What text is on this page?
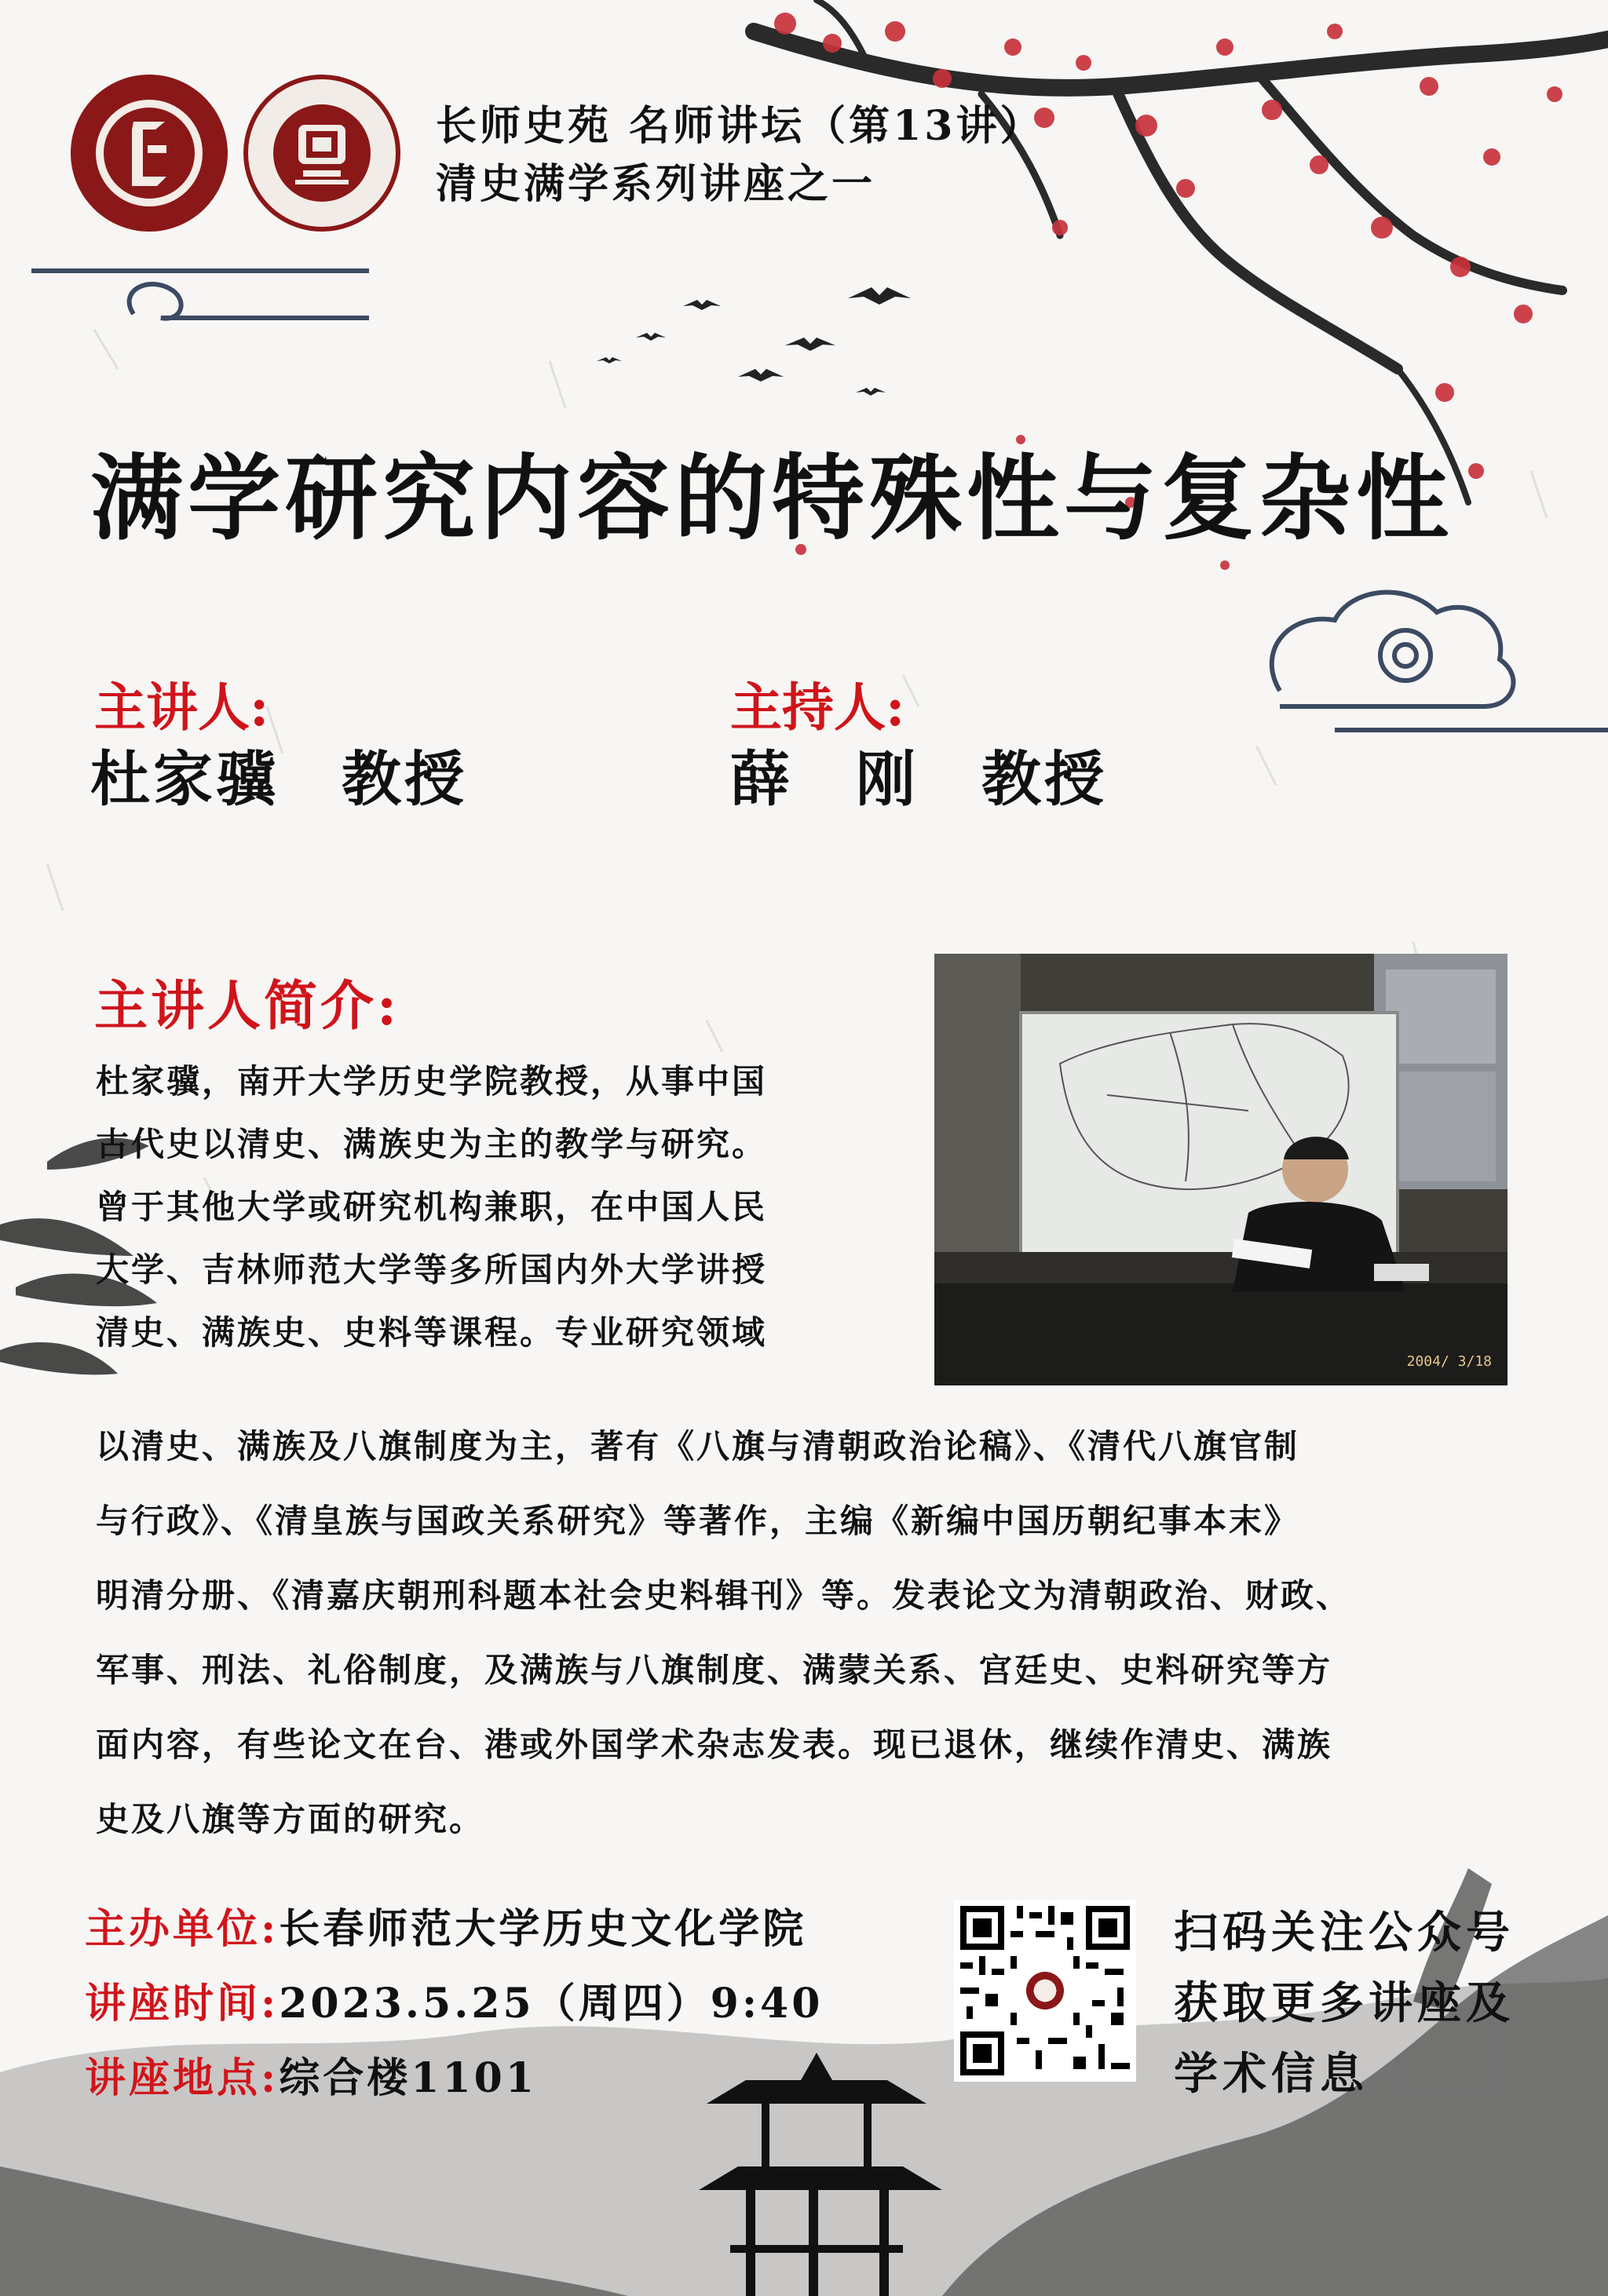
长师史苑 名师讲坛（第13讲）
清史满学系列讲座之一
满学研究内容的特殊性与复杂性
主讲人:
杜家骥　教授
主持人:
薛　刚　教授
主讲人简介:
2004/ 3/18
杜家骥，南开大学历史学院教授，从事中国
古代史以清史、满族史为主的教学与研究。
曾于其他大学或研究机构兼职，在中国人民
大学、吉林师范大学等多所国内外大学讲授
清史、满族史、史料等课程。专业研究领域
以清史、满族及八旗制度为主，著有《八旗与清朝政治论稿》、《清代八旗官制
与行政》、《清皇族与国政关系研究》等著作，主编《新编中国历朝纪事本末》
明清分册、《清嘉庆朝刑科题本社会史料辑刊》等。发表论文为清朝政治、财政、
军事、刑法、礼俗制度，及满族与八旗制度、满蒙关系、宫廷史、史料研究等方
面内容，有些论文在台、港或外国学术杂志发表。现已退休，继续作清史、满族
史及八旗等方面的研究。
主办单位:长春师范大学历史文化学院
讲座时间:2023.5.25（周四）9:40
讲座地点:综合楼1101
扫码关注公众号
获取更多讲座及
学术信息
